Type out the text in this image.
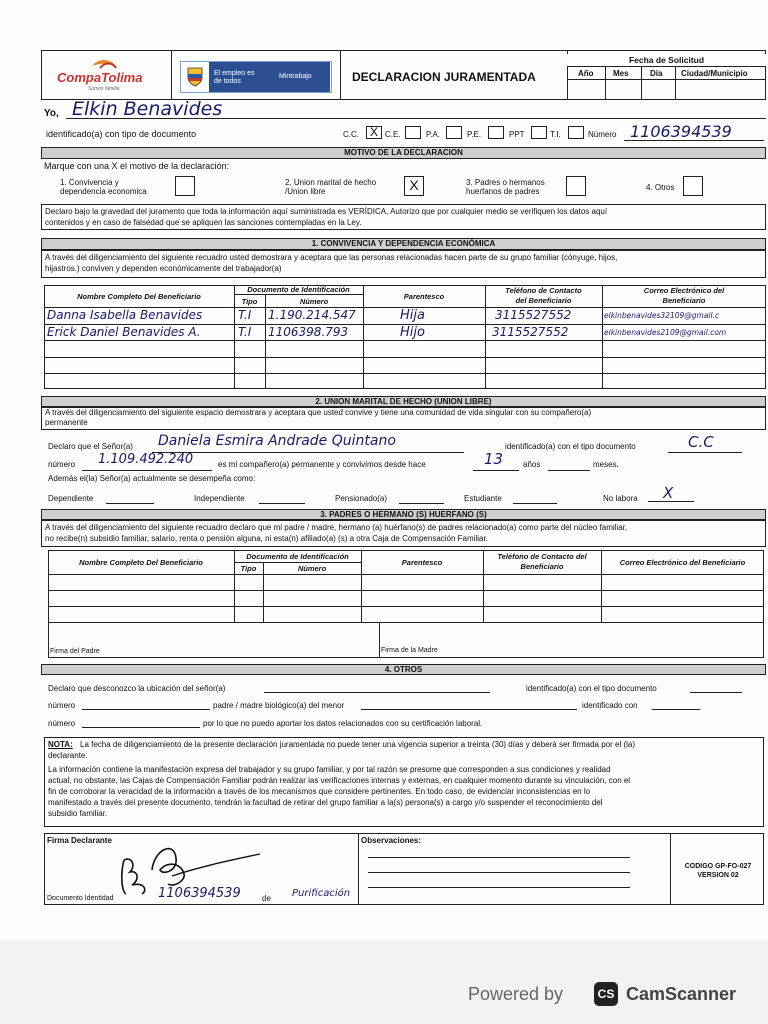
CompaTolima
Somos familia
El empleo es de todos
Mintrabajo	DECLARACION JURAMENTADA
Fecha de Solicitud
Año Mes	Día Ciudad/Municipio
Yo, Elkin Benavides
identificado(a) con tipo de documento	C.C. X C.E.	P.A.	P.E.	PPT	T.I.	Número 1106394539
MOTIVO DE LA DECLARACION
Marque con una X el motivo de la declaración:
1. Convivencia y
dependencia economica
2. Union marital de hecho
/Union libre	X	3. Padres o hermanos
huerfanos de padres	4. Otros
Declaro bajo la gravedad del juramento que toda la información aquí suministrada es VERÍDICA, Autorizo que por cualquier medio se verifiquen los datos aquí
contenidos y en caso de falsedad que se apliquen las sanciones contempladas en la Ley.
1. CONVIVENCIA Y DEPENDENCIA ECONÓMICA
A través del diligenciamiento del siguiente recuadro usted demostrara y aceptara que las personas relacionadas hacen parte de su grupo familiar (cónyuge, hijos,
hijastros.) conviven y dependen económicamente del trabajador(a)
Nombre Completo Del Beneficiario
Documento de Identificación
Tipo	Número
Parentesco
Teléfono de Contacto
del Beneficiario
Correo Electrónico del
Beneficiario
Danna Isabella Benavides	T.I 1.190.214.547	Hija	3115527552	elkinbenavides32109@gmail.c
Erick Daniel Benavides A.	T.I 1106398.793	Hijo	3115527552	elkinbenavides2109@gmail.com
2. UNION MARITAL DE HECHO (UNION LIBRE)
A través del diligenciamiento del siguiente espacio demostrara y aceptara que usted convive y tiene una comunidad de vida singular con su compañero(a)
permanente
Declaro que el Señor(a) Daniela Esmira Andrade Quintano	identificado(a) con el tipo documento	C.C
número 1.109.492.240	es mi compañero(a) permanente y convivimos desde hace	13 años	meses.
Además el(la) Señor(a) actualmente se desempeña como:
Dependiente	Independiente	Pensionado(a)	Estudiante	No labora X
3. PADRES O HERMANO (S) HUERFANO (S)
A través del diligenciamiento del siguiente recuadro declaro que mi padre / madre, hermano (a) huérfano(s) de padres relacionado(a) como parte del núcleo familiar,
no recibe(n) subsidio familiar, salario, renta o pensión alguna, ni esta(n) afiliado(a) (s) a otra Caja de Compensación Familiar.
Nombre Completo Del Beneficiario
Documento de Identificación
Tipo	Número
Parentesco
Teléfono de Contacto del
Beneficiario	Correo Electrónico del Beneficiario
Firma del Padre	Firma de la Madre
4. OTROS
Declaro que desconozco la ubicación del señor(a)	identificado(a) con el tipo documento
número	padre / madre biológico(a) del menor	identificado con
número	por lo que no puedo aportar los datos relacionados con su certificación laboral.
NOTA: La fecha de diligenciamiento de la presente declaración juramentada no puede tener una vigencia superior a treinta (30) días y deberá ser firmada por el (la)
declarante.
La información contiene la manifestación expresa del trabajador y su grupo familiar, y por tal razón se presume que corresponden a sus condiciones y realidad
actual, no obstante, las Cajas de Compensación Familiar podrán realizar las verificaciones internas y externas, en cualquier momento durante su vinculación, con el
fin de corroborar la veracidad de la información a través de los mecanismos que considere pertinentes. En todo caso, de evidenciar inconsistencias en lo
manifestado a través del presente documento, tendrán la facultad de retirar del grupo familiar a la(s) persona(s) a cargo y/o suspender el reconocimiento del
subsidio familiar.
Firma Declarante
Documento Identidad	1106394539	de Purificación
Observaciones:
CODIGO GP-FO-027
VERSION 02
Powered by	CS CamScanner
